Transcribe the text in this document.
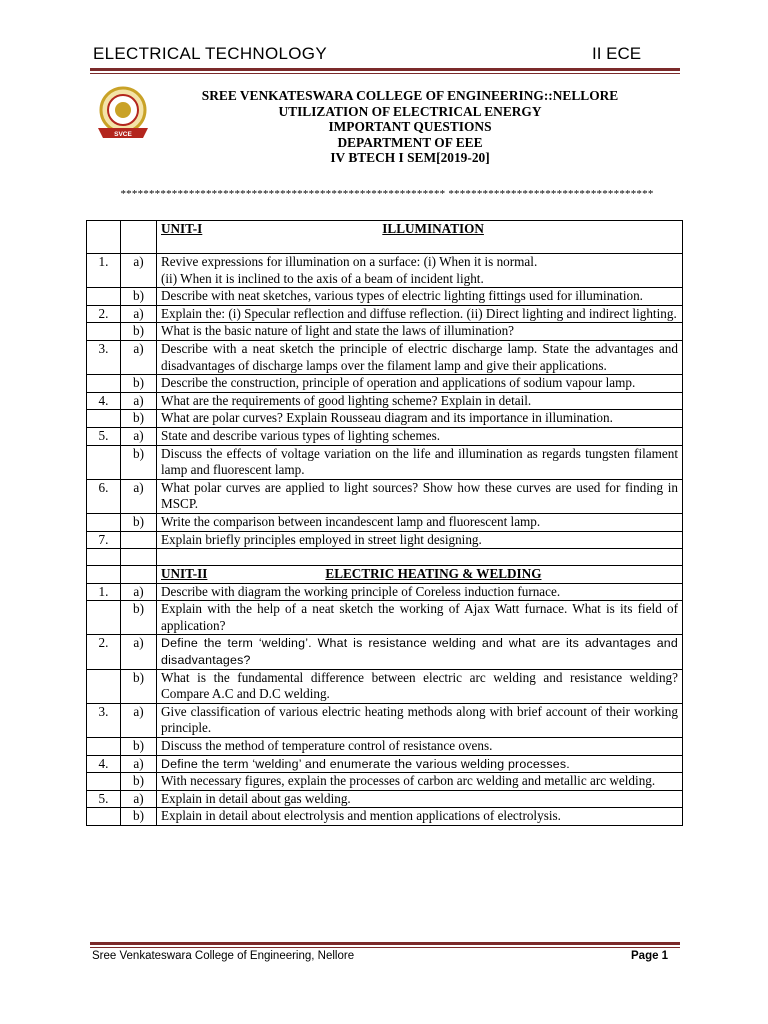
ELECTRICAL TECHNOLOGY	II ECE
SVCE
SREE VENKATESWARA COLLEGE OF ENGINEERING::NELLORE
UTILIZATION OF ELECTRICAL ENERGY
IMPORTANT QUESTIONS
DEPARTMENT OF EEE
IV BTECH I SEM[2019-20]
********************************************************* ************************************
		UNIT-I ILLUMINATION
1.	a)	Revive expressions for illumination on a surface: (i) When it is normal.
(ii) When it is inclined to the axis of a beam of incident light.
	b)	Describe with neat sketches, various types of electric lighting fittings used for illumination.
2.	a)	Explain the: (i) Specular reflection and diffuse reflection. (ii) Direct lighting and indirect lighting.
	b)	What is the basic nature of light and state the laws of illumination?
3.	a)	Describe with a neat sketch the principle of electric discharge lamp. State the advantages and disadvantages of discharge lamps over the filament lamp and give their applications.
	b)	Describe the construction, principle of operation and applications of sodium vapour lamp.
4.	a)	What are the requirements of good lighting scheme? Explain in detail.
	b)	What are polar curves? Explain Rousseau diagram and its importance in illumination.
5.	a)	State and describe various types of lighting schemes.
	b)	Discuss the effects of voltage variation on the life and illumination as regards tungsten filament lamp and fluorescent lamp.
6.	a)	What polar curves are applied to light sources? Show how these curves are used for finding in MSCP.
	b)	Write the comparison between incandescent lamp and fluorescent lamp.
7.		Explain briefly principles employed in street light designing.

		UNIT-II ELECTRIC HEATING & WELDING
1.	a)	Describe with diagram the working principle of Coreless induction furnace.
	b)	Explain with the help of a neat sketch the working of Ajax Watt furnace. What is its field of application?
2.	a)	Define the term ‘welding’. What is resistance welding and what are its advantages and disadvantages?
	b)	What is the fundamental difference between electric arc welding and resistance welding? Compare A.C and D.C welding.
3.	a)	Give classification of various electric heating methods along with brief account of their working principle.
	b)	Discuss the method of temperature control of resistance ovens.
4.	a)	Define the term ‘welding’ and enumerate the various welding processes.
	b)	With necessary figures, explain the processes of carbon arc welding and metallic arc welding.
5.	a)	Explain in detail about gas welding.
	b)	Explain in detail about electrolysis and mention applications of electrolysis.
Sree Venkateswara College of Engineering, Nellore	Page 1
